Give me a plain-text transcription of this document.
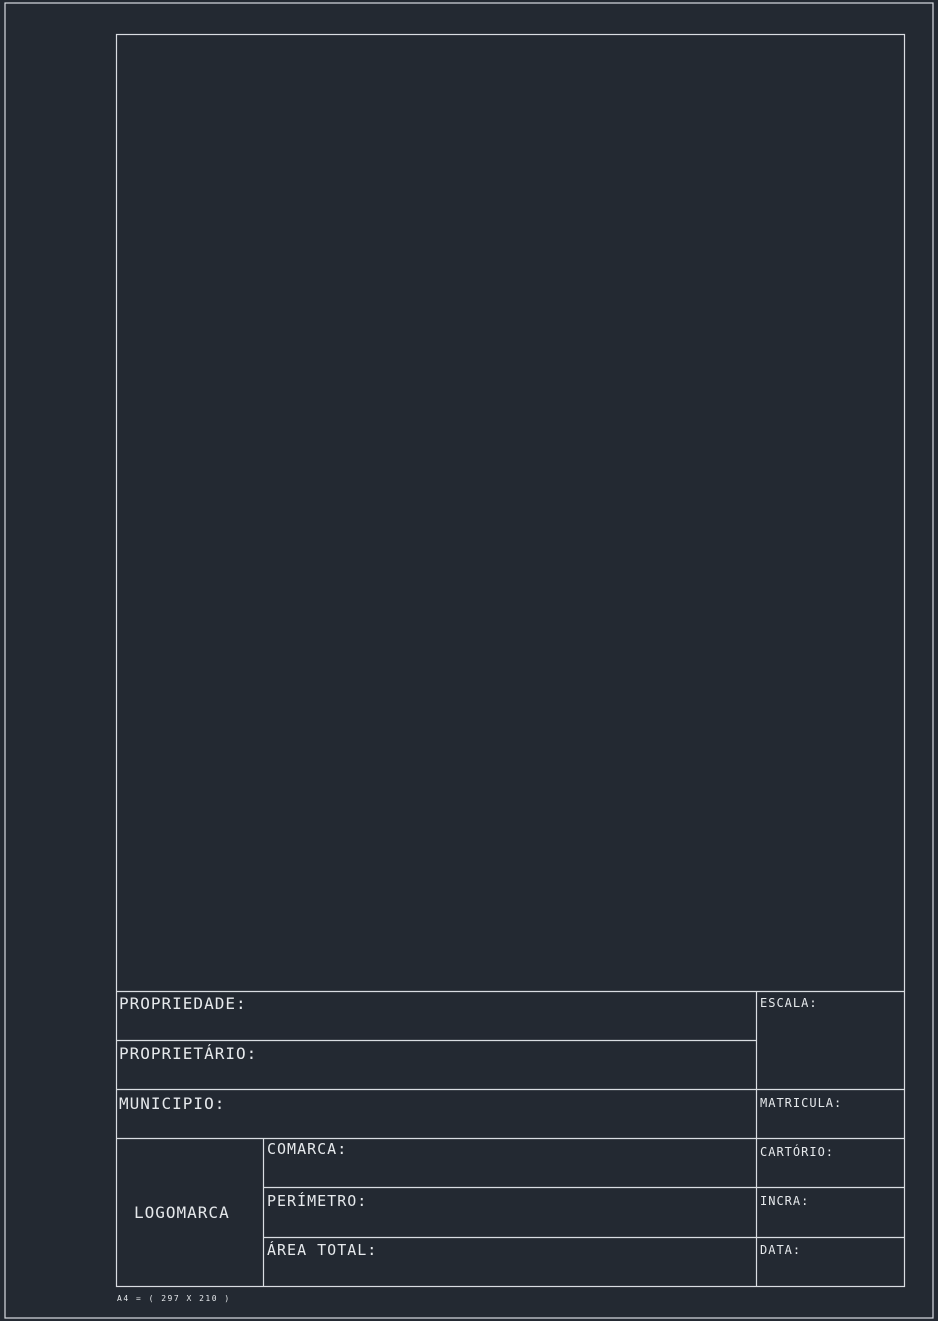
PROPRIEDADE:
PROPRIETÁRIO:
MUNICIPIO:
LOGOMARCA
COMARCA:
PERÍMETRO:
ÁREA TOTAL:
ESCALA:
MATRICULA:
CARTÓRIO:
INCRA:
DATA:
A4 = ( 297 X 210 )
